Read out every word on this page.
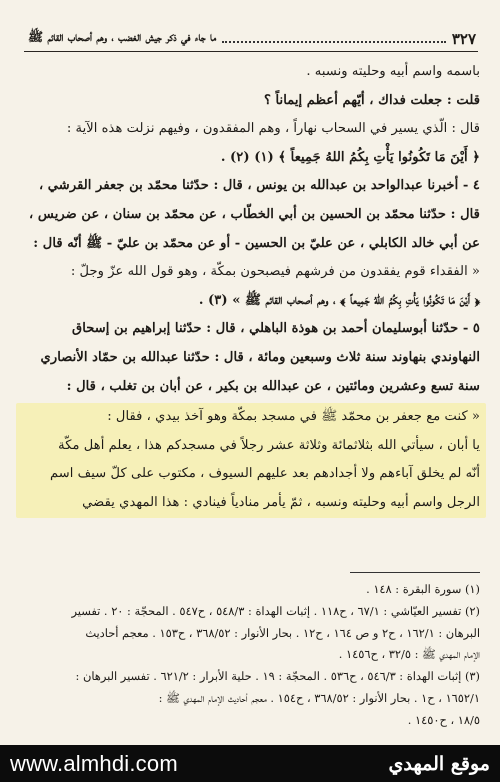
ما جاء في ذكر جيش الغضب ، وهم أصحاب القائم ﷺ	٣٢٧

باسمه واسم أبيه وحليته ونسبه .

قلت : جعلت فداك ، أيّهم أعظم إيماناً ؟

قال : الّذي يسير في السحاب نهاراً ، وهم المفقدون ، وفيهم نزلت هذه الآية :

﴿ أَيْنَ مَا تَكُونُوا يَأْتِ بِكُمُ اللهُ جَمِيعاً ﴾ (١) (٢) .

٤ - أخبرنا عبدالواحد بن عبدالله بن يونس ، قال : حدّثنا محمّد بن جعفر القرشي ،

قال : حدّثنا محمّد بن الحسين بن أبي الخطّاب ، عن محمّد بن سنان ، عن ضريس ،

عن أبي خالد الكابلي ، عن عليّ بن الحسين - أو عن محمّد بن عليّ - ﷺ أنّه قال :

« الفقداء قوم يفقدون من فرشهم فيصبحون بمكّة ، وهو قول الله عزّ وجلّ :

﴿ أَيْنَ مَا تَكُونُوا يَأْتِ بِكُمُ اللهُ جَمِيعاً ﴾ ، وهم أصحاب القائم ﷺ » (٣) .

٥ - حدّثنا أبوسليمان أحمد بن هوذة الباهلي ، قال : حدّثنا إبراهيم بن إسحاق

النهاوندي بنهاوند سنة ثلاث وسبعين ومائة ، قال : حدّثنا عبدالله بن حمّاد الأنصاري

سنة تسع وعشرين ومائتين ، عن عبدالله بن بكير ، عن أبان بن تغلب ، قال :

« كنت مع جعفر بن محمّد ﷺ في مسجد بمكّة وهو آخذ بيدي ، فقال :

يا أبان ، سيأتي الله بثلاثمائة وثلاثة عشر رجلاً في مسجدكم هذا ، يعلم أهل مكّة

أنّه لم يخلق آباءهم ولا أجدادهم بعد عليهم السيوف ، مكتوب على كلّ سيف اسم

الرجل واسم أبيه وحليته ونسبه ، ثمّ يأمر منادياً فينادي : هذا المهدي يقضي

(١) سورة البقرة : ١٤٨ .

(٢) تفسير العيّاشي : ٦٧/١ ، ح١١٨ . إثبات الهداة : ٥٤٨/٣ ، ح٥٤٧ . المحجّة : ٢٠ . تفسير

البرهان : ١٦٢/١ ، ح٢ و ص ١٦٤ ، ح١٢ . بحار الأنوار : ٣٦٨/٥٢ ، ح١٥٣ . معجم أحاديث

الإمام المهدي ﷺ : ٣٢/٥ ، ح١٤٥٦ .

(٣) إثبات الهداة : ٥٤٦/٣ ، ح٥٣٦ . المحجّة : ١٩ . حلية الأبرار : ٦٢١/٢ . تفسير البرهان :

١٦٥٢/١ ، ح١ . بحار الأنوار : ٣٦٨/٥٢ ، ح١٥٤ . معجم أحاديث الإمام المهدي ﷺ :

١٨/٥ ، ح١٤٥٠ .

www.almhdi.com	موقع المهدي
